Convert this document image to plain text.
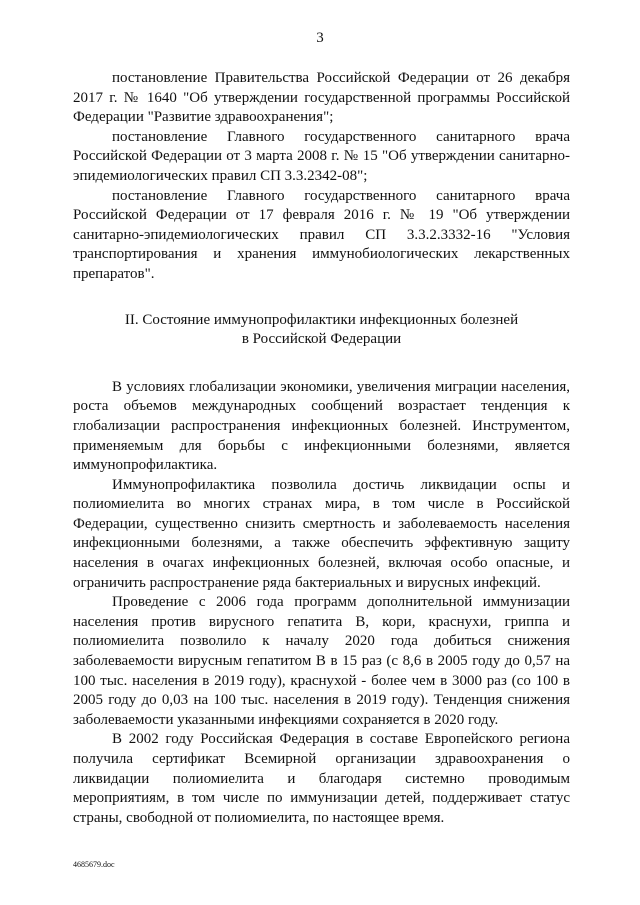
3

постановление Правительства Российской Федерации от 26 декабря 2017 г. № 1640 "Об утверждении государственной программы Российской Федерации "Развитие здравоохранения";

постановление Главного государственного санитарного врача Российской Федерации от 3 марта 2008 г. № 15 "Об утверждении санитарно-эпидемиологических правил СП 3.3.2342-08";

постановление Главного государственного санитарного врача Российской Федерации от 17 февраля 2016 г. № 19 "Об утверждении санитарно-эпидемиологических правил СП 3.3.2.3332-16 "Условия транспортирования и хранения иммунобиологических лекарственных препаратов".

II. Состояние иммунопрофилактики инфекционных болезней
в Российской Федерации

В условиях глобализации экономики, увеличения миграции населения, роста объемов международных сообщений возрастает тенденция к глобализации распространения инфекционных болезней. Инструментом, применяемым для борьбы с инфекционными болезнями, является иммунопрофилактика.

Иммунопрофилактика позволила достичь ликвидации оспы и полиомиелита во многих странах мира, в том числе в Российской Федерации, существенно снизить смертность и заболеваемость населения инфекционными болезнями, а также обеспечить эффективную защиту населения в очагах инфекционных болезней, включая особо опасные, и ограничить распространение ряда бактериальных и вирусных инфекций.

Проведение с 2006 года программ дополнительной иммунизации населения против вирусного гепатита В, кори, краснухи, гриппа и полиомиелита позволило к началу 2020 года добиться снижения заболеваемости вирусным гепатитом В в 15 раз (с 8,6 в 2005 году до 0,57 на 100 тыс. населения в 2019 году), краснухой - более чем в 3000 раз (со 100 в 2005 году до 0,03 на 100 тыс. населения в 2019 году). Тенденция снижения заболеваемости указанными инфекциями сохраняется в 2020 году.

В 2002 году Российская Федерация в составе Европейского региона получила сертификат Всемирной организации здравоохранения о ликвидации полиомиелита и благодаря системно проводимым мероприятиям, в том числе по иммунизации детей, поддерживает статус страны, свободной от полиомиелита, по настоящее время.

4685679.doc
